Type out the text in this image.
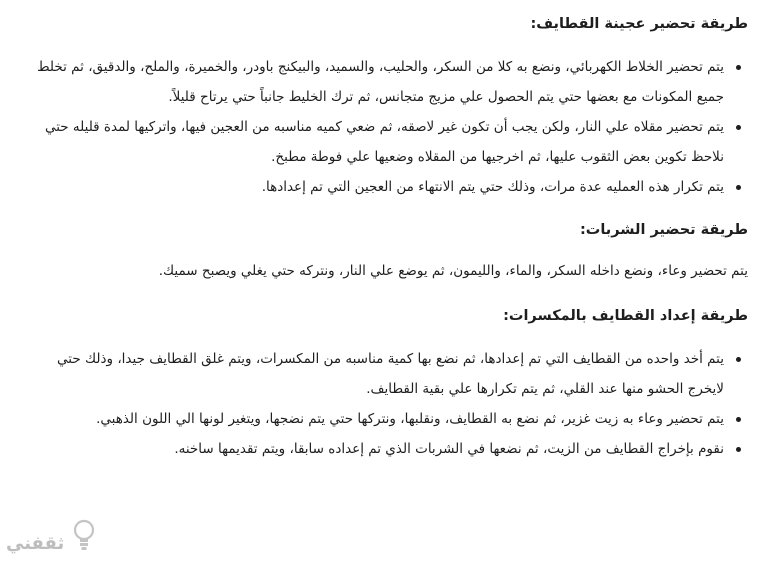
طريقة تحضير عجينة القطايف:
يتم تحضير الخلاط الكهربائي، ونضع به كلا من السكر، والحليب، والسميد، والبيكنج باودر، والخميرة، والملح، والدقيق، ثم تخلط جميع المكونات مع بعضها حتي يتم الحصول علي مزيج متجانس، ثم ترك الخليط جانباً حتي يرتاح قليلاً.
يتم تحضير مقلاه علي النار، ولكن يجب أن تكون غير لاصقه، ثم ضعي كميه مناسبه من العجين فيها، واتركيها لمدة قليله حتي نلاحظ تكوين بعض الثقوب عليها، ثم اخرجيها من المقلاه وضعيها علي فوطة مطبخ.
يتم تكرار هذه العمليه عدة مرات، وذلك حتي يتم الانتهاء من العجين التي تم إعدادها.
طريقة تحضير الشربات:

يتم تحضير وعاء، ونضع داخله السكر، والماء، والليمون، ثم يوضع علي النار، ونتركه حتي يغلي ويصبح سميك.

طريقة إعداد القطايف بالمكسرات:
يتم أخد واحده من القطايف التي تم إعدادها، ثم نضع بها كمية مناسبه من المكسرات، ويتم غلق القطايف جيدا، وذلك حتي لايخرج الحشو منها عند القلي، ثم يتم تكرارها علي بقية القطايف.
يتم تحضير وعاء به زيت غزير، ثم نضع به القطايف، ونقلبها، ونتركها حتي يتم نضجها، ويتغير لونها الي اللون الذهبي.
نقوم بإخراج القطايف من الزيت، ثم نضعها في الشربات الذي تم إعداده سابقا، ويتم تقديمها ساخنه.
ثقفني
